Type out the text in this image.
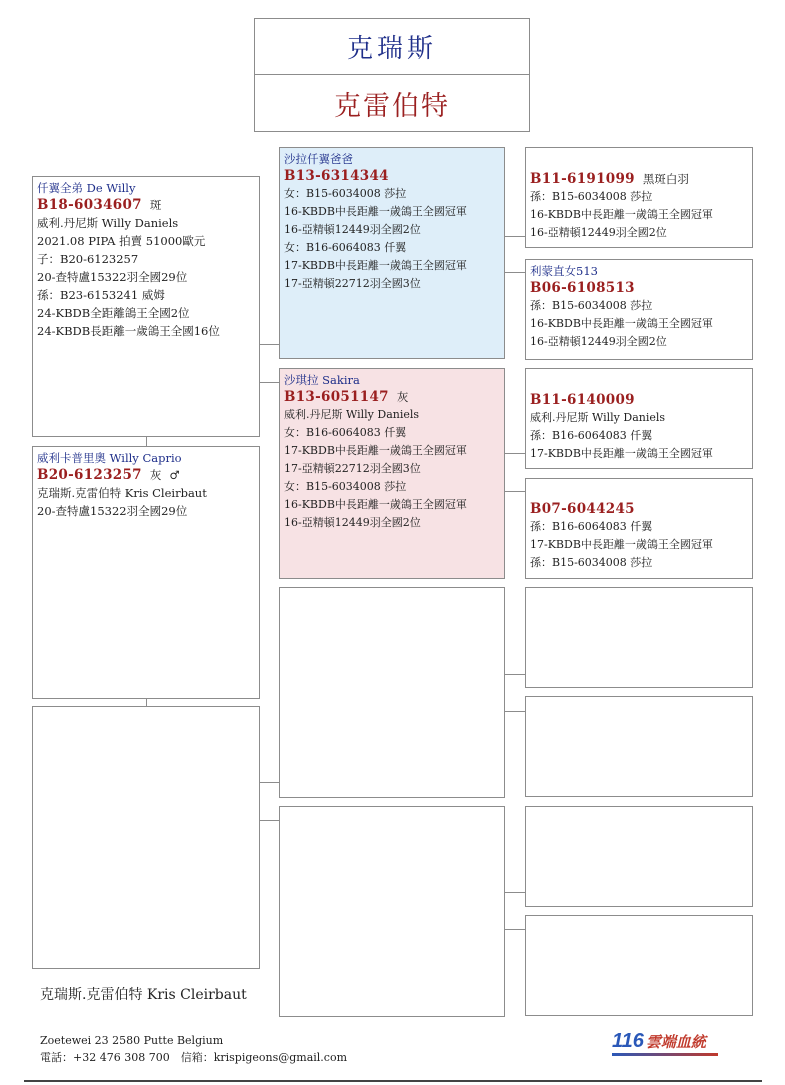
克瑞斯
克雷伯特
仟翼全弟 De Willy
B18-6034607 斑
威利.丹尼斯 Willy Daniels
2021.08 PIPA 拍賣 51000歐元
子：B20-6123257
20-查特盧15322羽全國29位
孫：B23-6153241 威姆
24-KBDB全距離鴿王全國2位
24-KBDB長距離一歲鴿王全國16位
威利卡普里奧 Willy Caprio
B20-6123257 灰 ♂
克瑞斯.克雷伯特 Kris Cleirbaut
20-查特盧15322羽全國29位
沙拉仟翼爸爸
B13-6314344
女：B15-6034008 莎拉
16-KBDB中長距離一歲鴿王全國冠軍
16-亞精頓12449羽全國2位
女：B16-6064083 仟翼
17-KBDB中長距離一歲鴿王全國冠軍
17-亞精頓22712羽全國3位
沙琪拉 Sakira
B13-6051147 灰
威利.丹尼斯 Willy Daniels
女：B16-6064083 仟翼
17-KBDB中長距離一歲鴿王全國冠軍
17-亞精頓22712羽全國3位
女：B15-6034008 莎拉
16-KBDB中長距離一歲鴿王全國冠軍
16-亞精頓12449羽全國2位
B11-6191099 黑斑白羽
孫：B15-6034008 莎拉
16-KBDB中長距離一歲鴿王全國冠軍
16-亞精頓12449羽全國2位
利蒙直女513
B06-6108513
孫：B15-6034008 莎拉
16-KBDB中長距離一歲鴿王全國冠軍
16-亞精頓12449羽全國2位
B11-6140009
威利.丹尼斯 Willy Daniels
孫：B16-6064083 仟翼
17-KBDB中長距離一歲鴿王全國冠軍
B07-6044245
孫：B16-6064083 仟翼
17-KBDB中長距離一歲鴿王全國冠軍
孫：B15-6034008 莎拉
克瑞斯.克雷伯特 Kris Cleirbaut
Zoetewei 23 2580 Putte Belgium
電話：+32 476 308 700　信箱：krispigeons@gmail.com
116 雲端血統
